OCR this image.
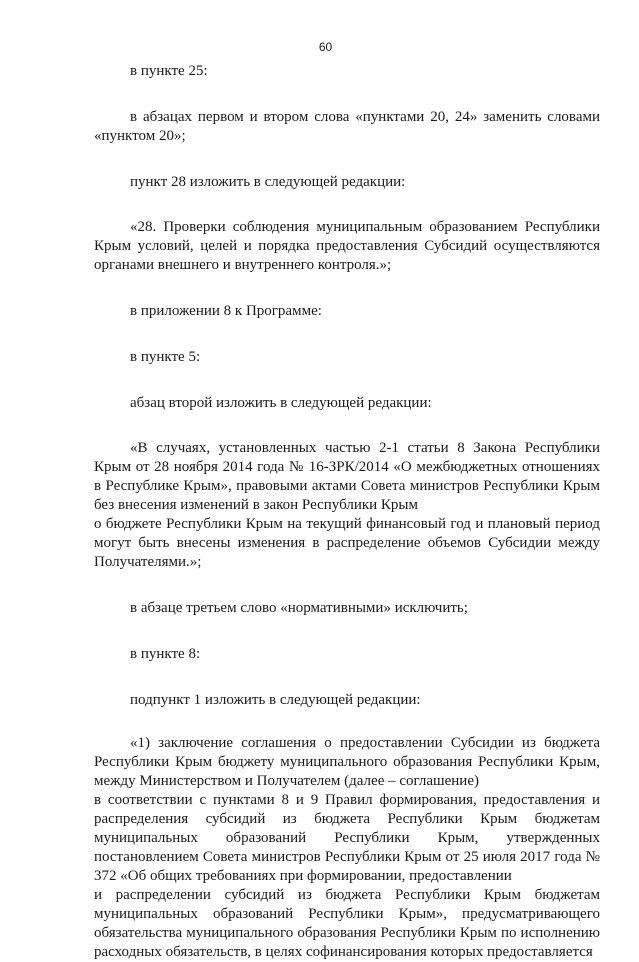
60

в пункте 25:

в абзацах первом и втором слова «пунктами 20, 24» заменить словами «пунктом 20»;

пункт 28 изложить в следующей редакции:

«28. Проверки соблюдения муниципальным образованием Республики Крым условий, целей и порядка предоставления Субсидий осуществляются органами внешнего и внутреннего контроля.»;

в приложении 8 к Программе:

в пункте 5:

абзац второй изложить в следующей редакции:

«В случаях, установленных частью 2-1 статьи 8 Закона Республики Крым от 28 ноября 2014 года № 16-ЗРК/2014 «О межбюджетных отношениях в Республике Крым», правовыми актами Совета министров Республики Крым без внесения изменений в закон Республики Крым
о бюджете Республики Крым на текущий финансовый год и плановый период могут быть внесены изменения в распределение объемов Субсидии между Получателями.»;

в абзаце третьем слово «нормативными» исключить;

в пункте 8:

подпункт 1 изложить в следующей редакции:

«1) заключение соглашения о предоставлении Субсидии из бюджета Республики Крым бюджету муниципального образования Республики Крым, между Министерством и Получателем (далее – соглашение)
в соответствии с пунктами 8 и 9 Правил формирования, предоставления и распределения субсидий из бюджета Республики Крым бюджетам муниципальных образований Республики Крым, утвержденных постановлением Совета министров Республики Крым от 25 июля 2017 года № 372 «Об общих требованиях при формировании, предоставлении
и распределении субсидий из бюджета Республики Крым бюджетам муниципальных образований Республики Крым», предусматривающего обязательства муниципального образования Республики Крым по исполнению расходных обязательств, в целях софинансирования которых предоставляется
